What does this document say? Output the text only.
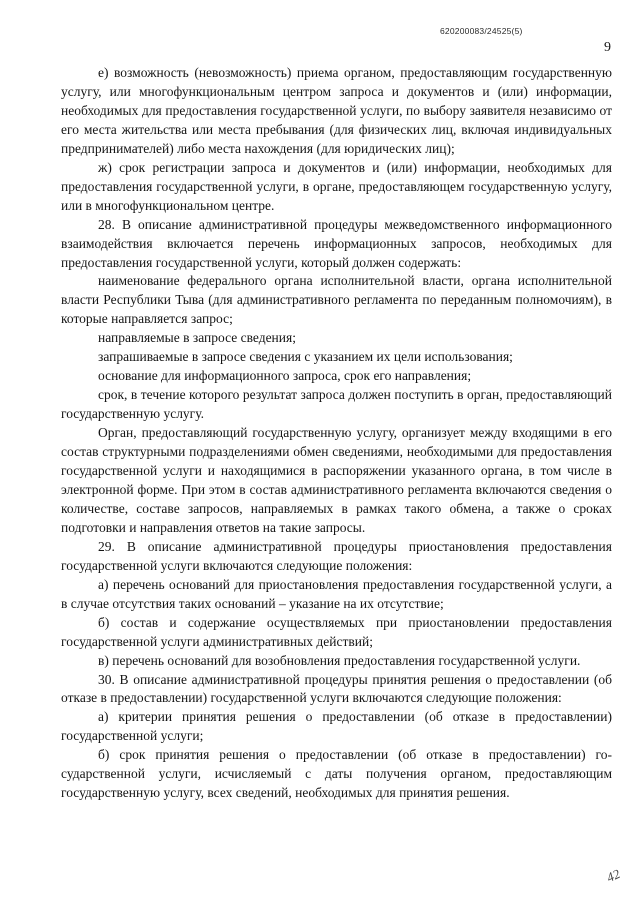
620200083/24525(5)
9

е) возможность (невозможность) приема органом, предоставляющим государственную услугу, или многофункциональным центром запроса и документов и (или) информации, необходимых для предоставления государственной услуги, по выбору заявителя независимо от его места жительства или места пребывания (для физических лиц, включая индивидуальных предпринимателей) либо места нахождения (для юридических лиц);

ж) срок регистрации запроса и документов и (или) информации, необходимых для предоставления государственной услуги, в органе, предоставляющем государственную услугу, или в многофункциональном центре.

28. В описание административной процедуры межведомственного информационного взаимодействия включается перечень информационных запросов, необходимых для предоставления государственной услуги, который должен содержать:

наименование федерального органа исполнительной власти, органа исполнительной власти Республики Тыва (для административного регламента по переданным полномочиям), в которые направляется запрос;

направляемые в запросе сведения;

запрашиваемые в запросе сведения с указанием их цели использования;

основание для информационного запроса, срок его направления;

срок, в течение которого результат запроса должен поступить в орган, предоставляющий государственную услугу.

Орган, предоставляющий государственную услугу, организует между входящими в его состав структурными подразделениями обмен сведениями, необходимыми для предоставления государственной услуги и находящимися в распоряжении указанного органа, в том числе в электронной форме. При этом в состав административного регламента включаются сведения о количестве, составе запросов, направляемых в рамках такого обмена, а также о сроках подготовки и направления ответов на такие запросы.

29. В описание административной процедуры приостановления предоставления государственной услуги включаются следующие положения:

а) перечень оснований для приостановления предоставления государственной услуги, а в случае отсутствия таких оснований – указание на их отсутствие;

б) состав и содержание осуществляемых при приостановлении предоставления государственной услуги административных действий;

в) перечень оснований для возобновления предоставления государственной услуги.

30. В описание административной процедуры принятия решения о предоставлении (об отказе в предоставлении) государственной услуги включаются следующие положения:

а) критерии принятия решения о предоставлении (об отказе в предоставлении) государственной услуги;

б) срок принятия решения о предоставлении (об отказе в предоставлении) государственной услуги, исчисляемый с даты получения органом, предоставляющим государственную услугу, всех сведений, необходимых для принятия решения.

42
